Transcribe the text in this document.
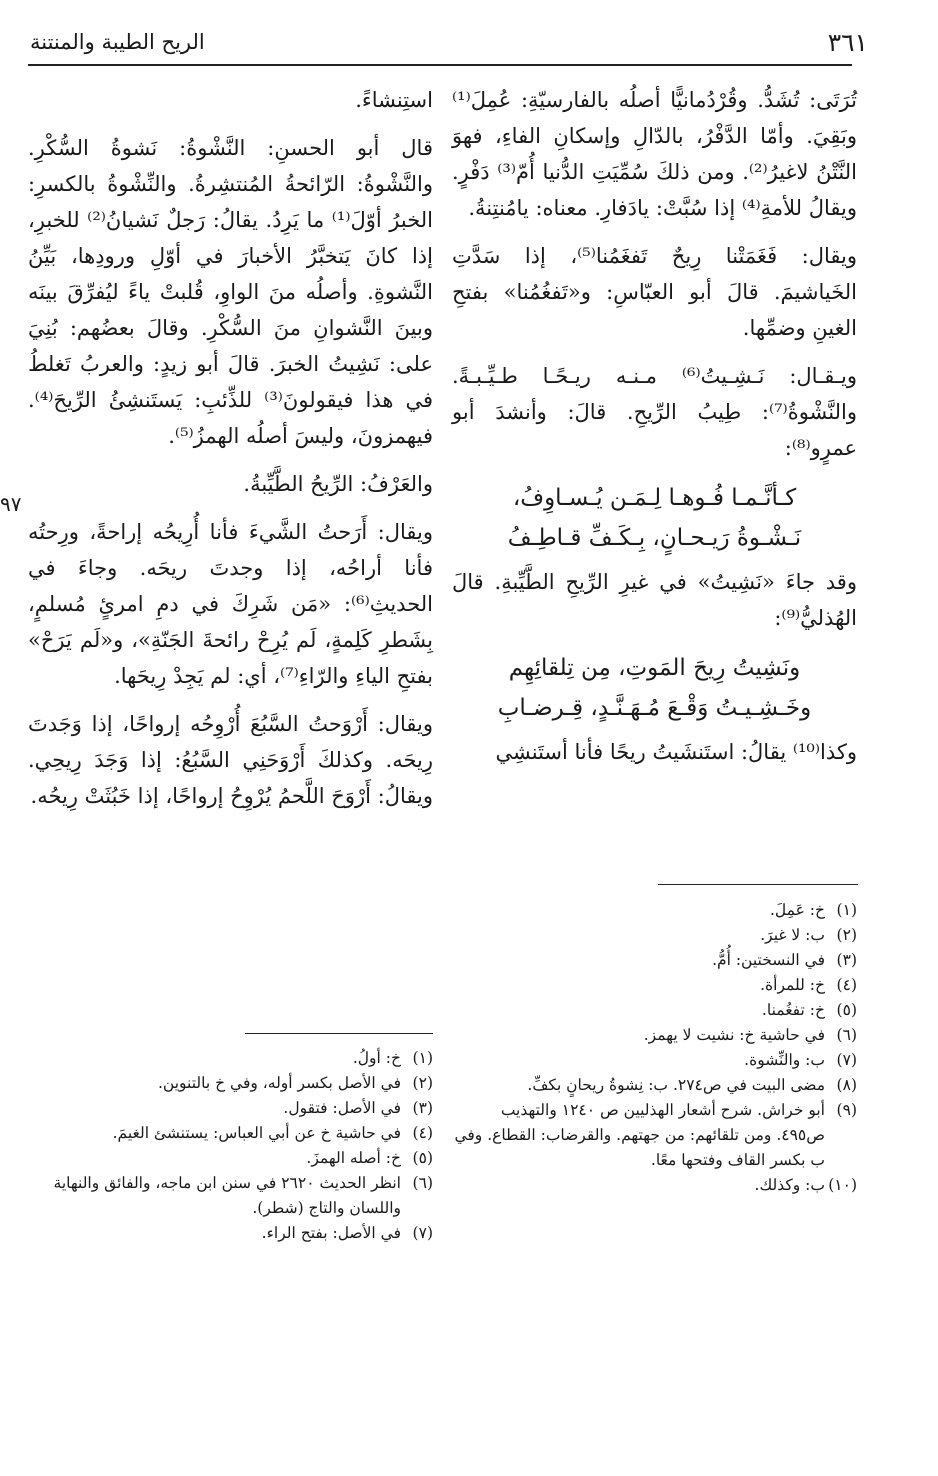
٣٦١
الريح الطيبة والمنتنة
٩٧

تُرَتَى: تُشَدُّ. وقُرْدُمانيًّا أصلُه بالفارسيّةِ: عُمِلَ⁽¹⁾ وبَقِيَ. وأمّا الدَّفْرُ، بالدّالِ وإسكانِ الفاءِ، فهوَ النَّتْنُ لاغيرُ⁽²⁾. ومن ذلكَ سُمِّيَتِ الدُّنيا أُمّ⁽³⁾ دَفْرٍ. ويقالُ للأمةِ⁽⁴⁾ إذا سُبَّتْ: يادَفارِ. معناه: يامُنتِنةُ.

ويقال: فَغَمَتْنا رِيحٌ تَفغَمُنا⁽⁵⁾، إذا سَدَّتِ الخَياشيمَ. قالَ أبو العبّاسِ: و«تَفغُمُنا» بفتحِ الغينِ وضمِّها.

ويـقـال: نَـشِـيتُ⁽⁶⁾ مـنـه ريـحًـا طـيِّـبـةً. والنَّشْوةُ⁽⁷⁾: طِيبُ الرِّيحِ. قالَ: وأنشدَ أبو عمرٍو⁽⁸⁾:

كـأنَّـمـا فُـوهـا لِـمَـن يُـسـاوِفُ،
نَـشْـوةُ رَيـحـانٍ، بِـكَـفِّ قـاطِـفُ

وقد جاءَ «نَشِيتُ» في غيرِ الرِّيحِ الطَّيِّبةِ. قالَ الهُذليُّ⁽⁹⁾:

ونَشِيتُ رِيحَ المَوتِ، مِن تِلقائِهِم
وخَـشِـيـتُ وَقْـعَ مُـهَـنَّـدٍ، قِـرضـابِ

وكذا⁽¹⁰⁾ يقالُ: استَنشَيتُ ريحًا فأنا أستَنشِي

استِنشاءً.

قال أبو الحسنِ: النَّشْوةُ: نَشوةُ السُّكْرِ. والنَّشْوةُ: الرّائحةُ المُنتشِرةُ. والنِّشْوةُ بالكسرِ: الخبرُ أوّلَ⁽¹⁾ ما يَرِدُ. يقالُ: رَجلٌ نَشيانُ⁽²⁾ للخبرِ، إذا كانَ يَتخبَّرُ الأخبارَ في أوّلِ ورودِها، بَيِّنُ النَّشوةِ. وأصلُه منَ الواوِ، قُلبتْ ياءً ليُفرِّقَ بينَه وبينَ النَّشوانِ منَ السُّكْرِ. وقالَ بعضُهم: بُنِيَ على: نَشِيتُ الخبرَ. قالَ أبو زيدٍ: والعربُ تَغلطُ في هذا فيقولونَ⁽³⁾ للذِّئبِ: يَستَنشِئُ الرِّيحَ⁽⁴⁾. فيهمزونَ، وليسَ أصلُه الهمزُ⁽⁵⁾.

والعَرْفُ: الرِّيحُ الطَّيِّبةُ.

ويقال: أَرَحتُ الشَّيءَ فأنا أُرِيحُه إراحةً، ورِحتُه فأنا أراحُه، إذا وجدتَ ريحَه. وجاءَ في الحديثِ⁽⁶⁾: «مَن شَرِكَ في دمِ امرئٍ مُسلمٍ، بِشَطرِ كَلِمةٍ، لَم يُرِحْ رائحةَ الجَنّةِ»، و«لَم يَرَحْ» بفتحِ الياءِ والرّاءِ⁽⁷⁾، أي: لم يَجِدْ رِيحَها.

ويقال: أَرْوَحتُ السَّبُعَ أُرْوِحُه إرواحًا، إذا وَجَدتَ رِيحَه. وكذلكَ أَرْوَحَنِي السَّبُعُ: إذا وَجَدَ رِيحِي. ويقالُ: أَرْوَحَ اللَّحمُ يُرْوِحُ إرواحًا، إذا خَبُثَتْ رِيحُه.

(١)
خ: عَمِلَ.
(٢)
ب: لا غيرَ.
(٣)
في النسختين: أُمُّ.
(٤)
خ: للمرأة.
(٥)
خ: تفغُمنا.
(٦)
في حاشية خ: نشيت لا يهمز.
(٧)
ب: والنِّشوة.
(٨)
مضى البيت في ص٢٧٤. ب: نِشوةُ ريحانٍ بكفِّ.
(٩)
أبو خراش. شرح أشعار الهذليين ص ١٢٤٠ والتهذيب ص٤٩٥. ومن تلقائهم: من جهتهم. والقرضاب: القطاع. وفي ب بكسر القاف وفتحها معًا.
(١٠)
ب: وكذلك.
(١)
خ: أولُ.
(٢)
في الأصل بكسر أوله، وفي خ بالتنوين.
(٣)
في الأصل: فتقول.
(٤)
في حاشية خ عن أبي العباس: يستنشئ الغيمَ.
(٥)
خ: أصله الهمزَ.
(٦)
انظر الحديث ٢٦٢٠ في سنن ابن ماجه، والفائق والنهاية واللسان والتاج (شطر).
(٧)
في الأصل: بفتح الراء.
